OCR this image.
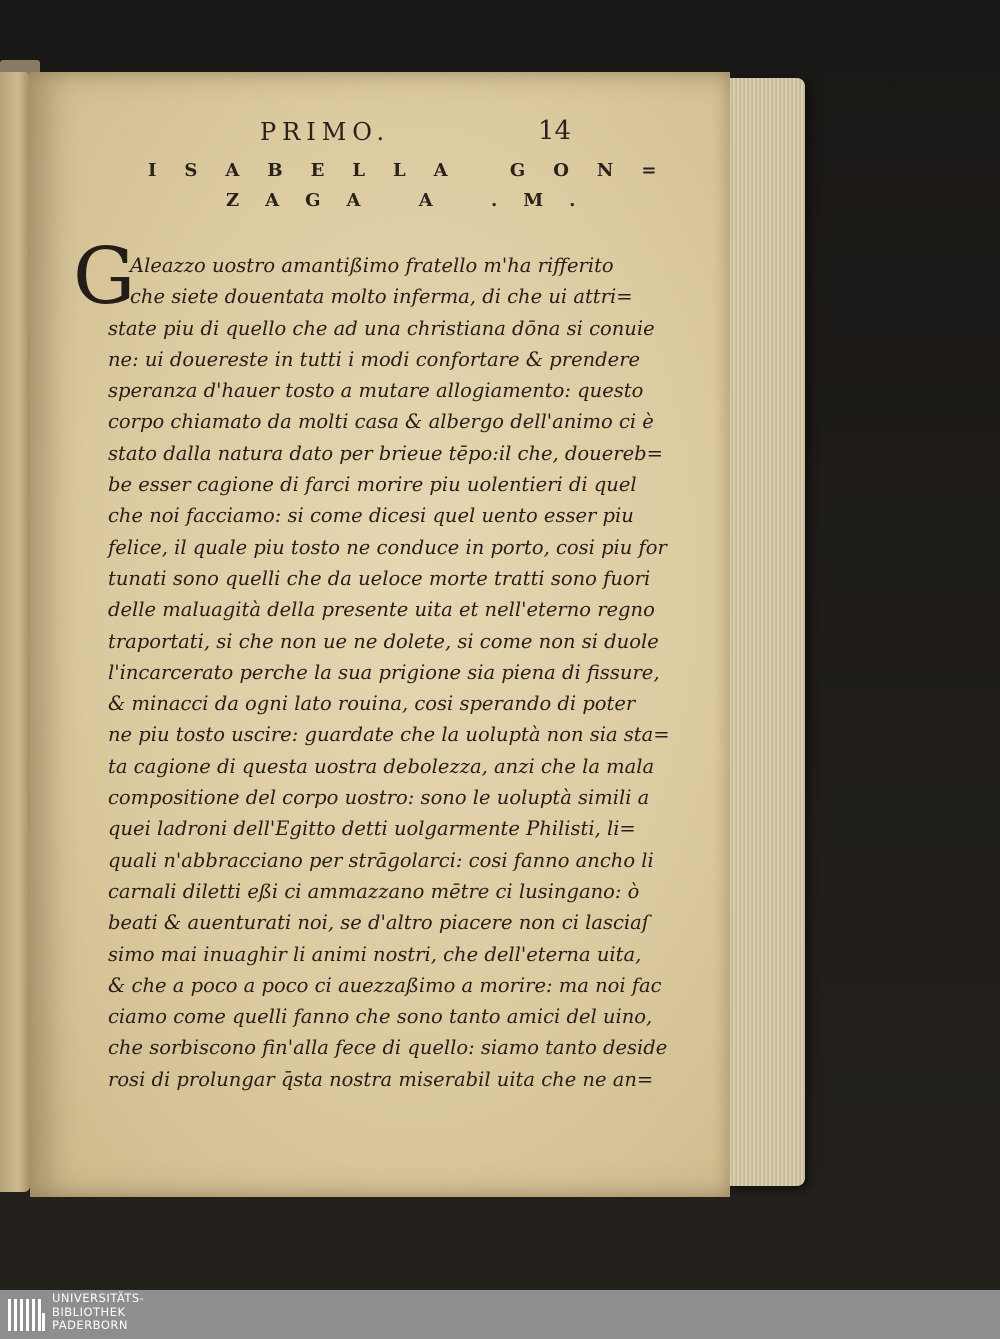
PRIMO.	14
ISABELLA GON=
ZAGA A .M.
G
Aleazzo uostro amantißimo fratello m'ha rifferito
che siete douentata molto inferma, di che ui attri=
state piu di quello che ad una christiana dōna si conuie
ne: ui douereste in tutti i modi confortare & prendere
speranza d'hauer tosto a mutare allogiamento: questo
corpo chiamato da molti casa & albergo dell'animo ci è
stato dalla natura dato per brieue tēpo:il che, douereb=
be esser cagione di farci morire piu uolentieri di quel
che noi facciamo: si come dicesi quel uento esser piu
felice, il quale piu tosto ne conduce in porto, cosi piu for
tunati sono quelli che da ueloce morte tratti sono fuori
delle maluagità della presente uita et nell'eterno regno
traportati, si che non ue ne dolete, si come non si duole
l'incarcerato perche la sua prigione sia piena di fissure,
& minacci da ogni lato rouina, cosi sperando di poter
ne piu tosto uscire: guardate che la uoluptà non sia sta=
ta cagione di questa uostra debolezza, anzi che la mala
compositione del corpo uostro: sono le uoluptà simili a
quei ladroni dell'Egitto detti uolgarmente Philisti, li=
quali n'abbracciano per strāgolarci: cosi fanno ancho li
carnali diletti eßi ci ammazzano mētre ci lusingano: ò
beati & auenturati noi, se d'altro piacere non ci lasciaſ
simo mai inuaghir li animi nostri, che dell'eterna uita,
& che a poco a poco ci auezzaßimo a morire: ma noi fac
ciamo come quelli fanno che sono tanto amici del uino,
che sorbiscono fin'alla fece di quello: siamo tanto deside
rosi di prolungar q̄sta nostra miserabil uita che ne an=
UNIVERSITÄTS-
BIBLIOTHEK
PADERBORN
